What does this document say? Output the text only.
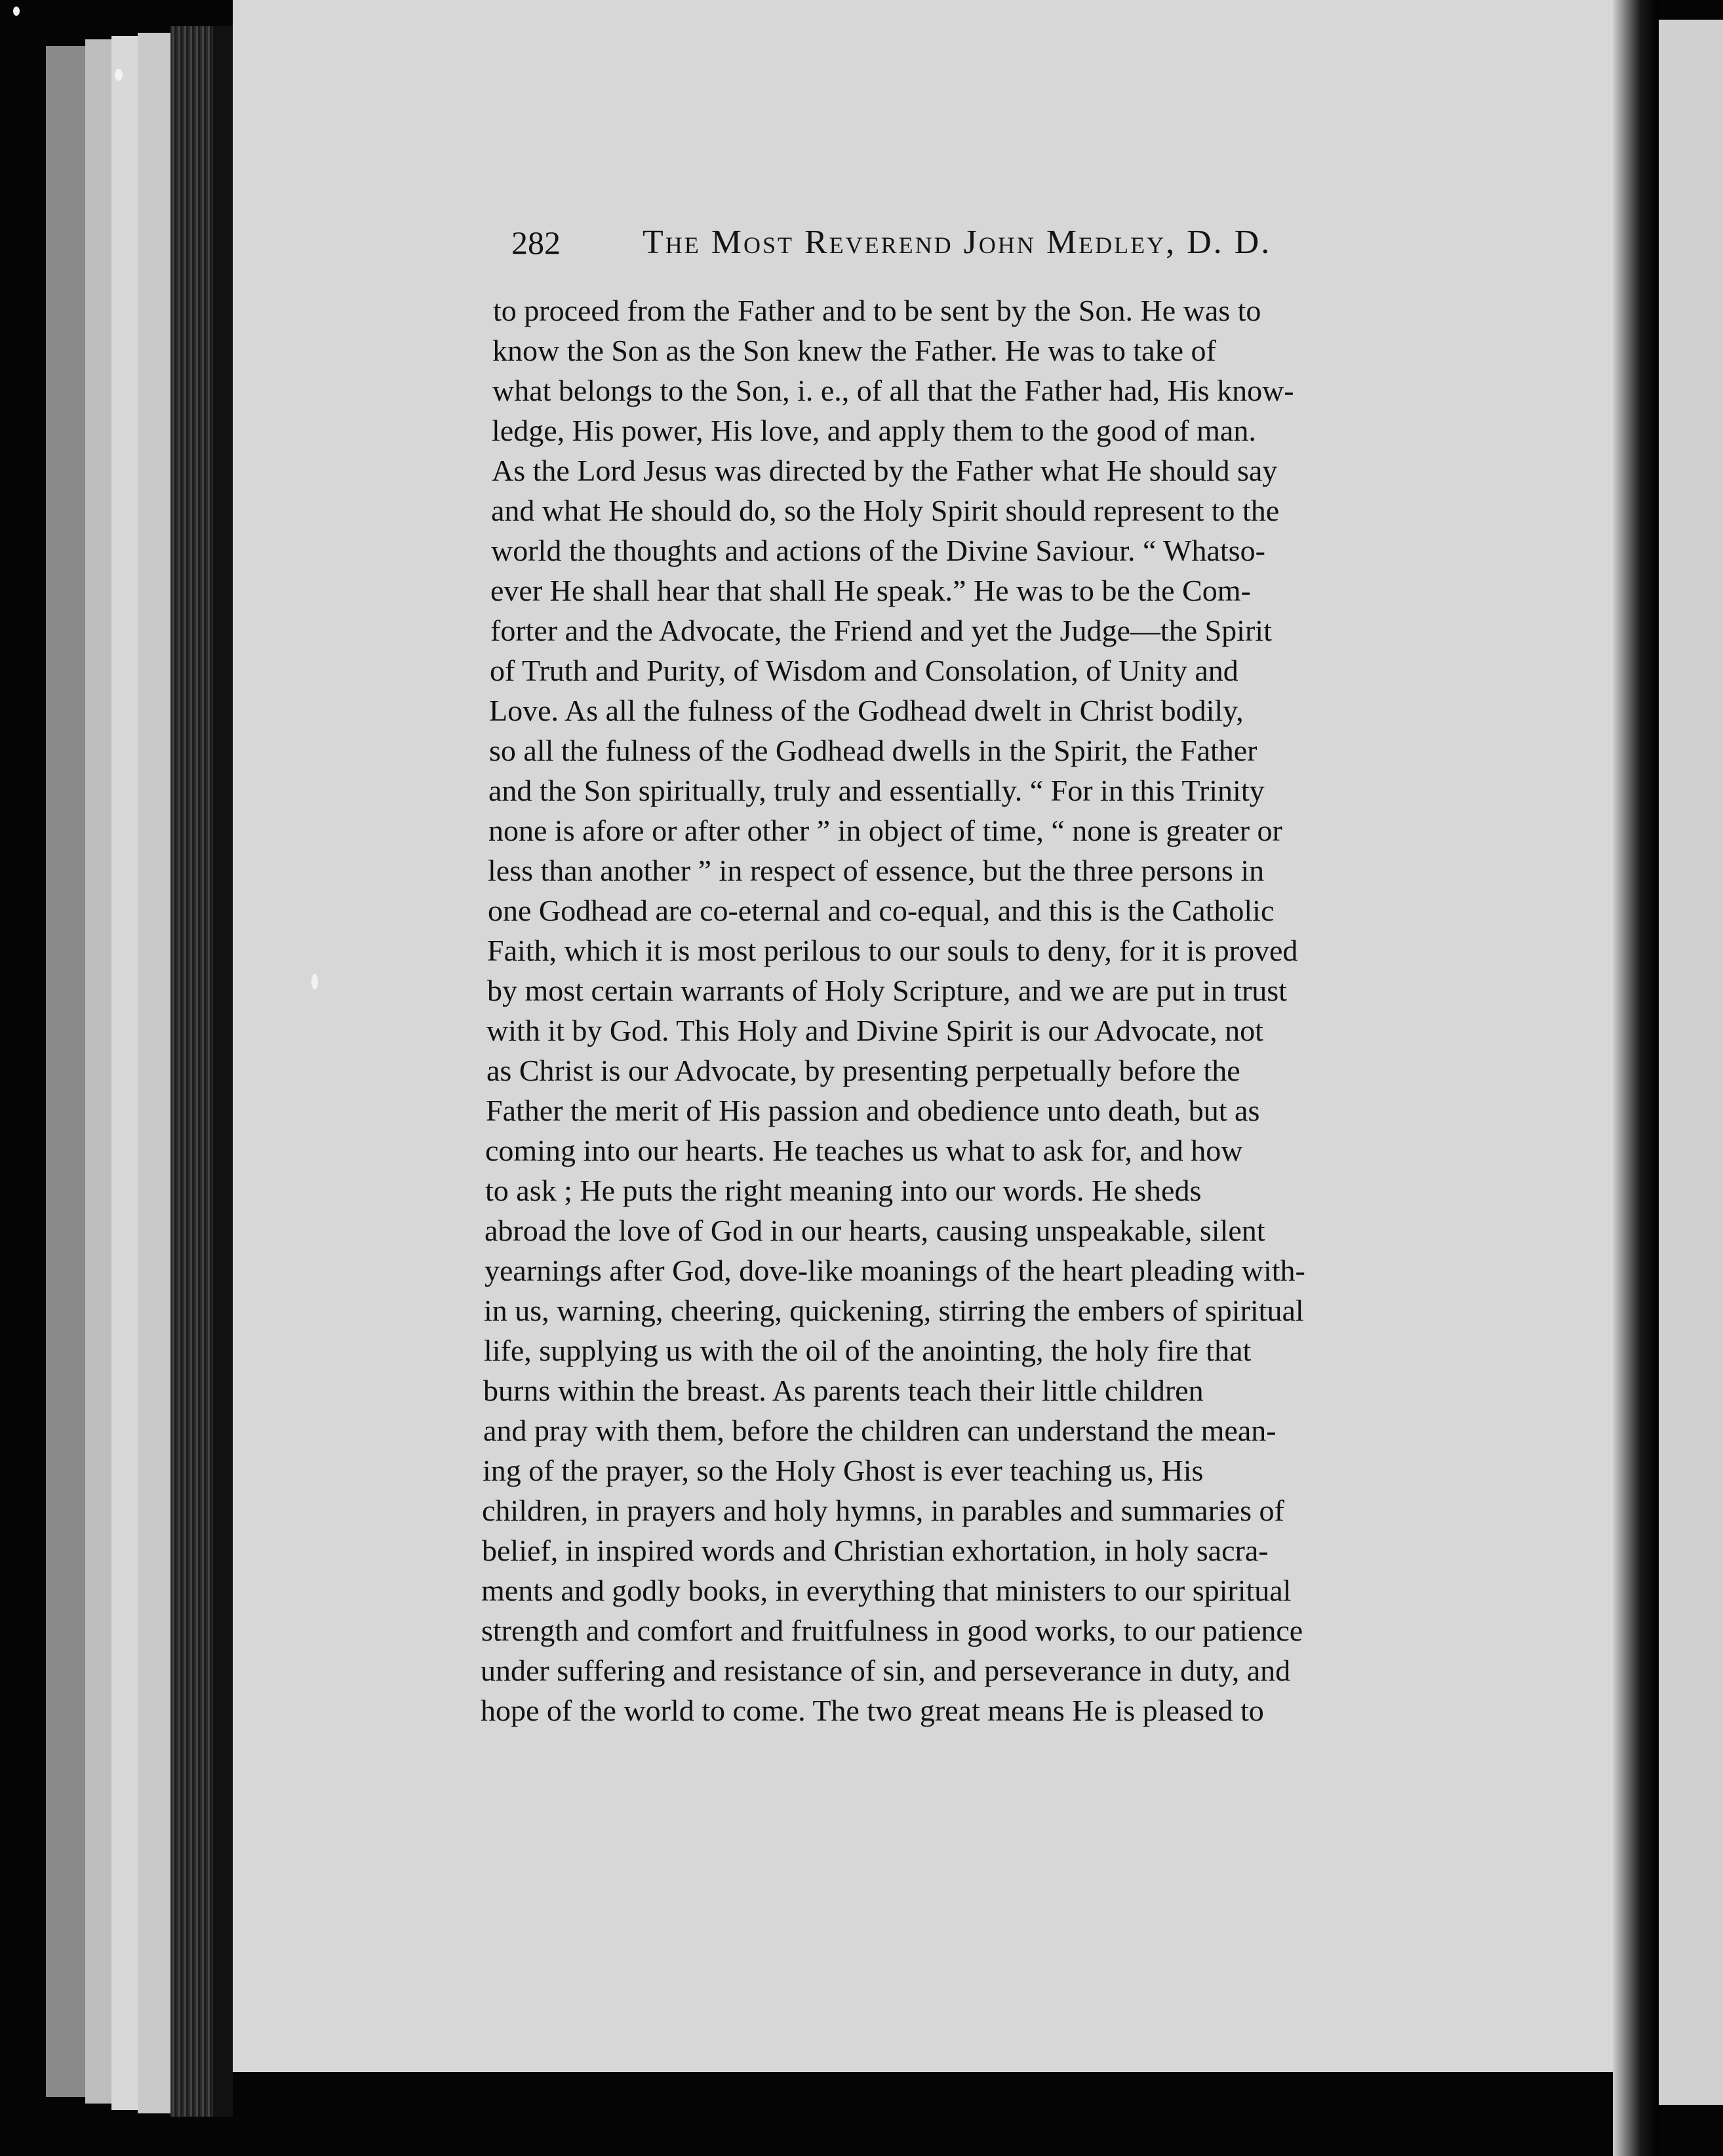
282 The Most Reverend John Medley, D. D.
to proceed from the Father and to be sent by the Son. He was to
know the Son as the Son knew the Father. He was to take of
what belongs to the Son, i. e., of all that the Father had, His know-
ledge, His power, His love, and apply them to the good of man.
As the Lord Jesus was directed by the Father what He should say
and what He should do, so the Holy Spirit should represent to the
world the thoughts and actions of the Divine Saviour. “ Whatso-
ever He shall hear that shall He speak.” He was to be the Com-
forter and the Advocate, the Friend and yet the Judge—the Spirit
of Truth and Purity, of Wisdom and Consolation, of Unity and
Love. As all the fulness of the Godhead dwelt in Christ bodily,
so all the fulness of the Godhead dwells in the Spirit, the Father
and the Son spiritually, truly and essentially. “ For in this Trinity
none is afore or after other ” in object of time, “ none is greater or
less than another ” in respect of essence, but the three persons in
one Godhead are co-eternal and co-equal, and this is the Catholic
Faith, which it is most perilous to our souls to deny, for it is proved
by most certain warrants of Holy Scripture, and we are put in trust
with it by God. This Holy and Divine Spirit is our Advocate, not
as Christ is our Advocate, by presenting perpetually before the
Father the merit of His passion and obedience unto death, but as
coming into our hearts. He teaches us what to ask for, and how
to ask ; He puts the right meaning into our words. He sheds
abroad the love of God in our hearts, causing unspeakable, silent
yearnings after God, dove-like moanings of the heart pleading with-
in us, warning, cheering, quickening, stirring the embers of spiritual
life, supplying us with the oil of the anointing, the holy fire that
burns within the breast. As parents teach their little children
and pray with them, before the children can understand the mean-
ing of the prayer, so the Holy Ghost is ever teaching us, His
children, in prayers and holy hymns, in parables and summaries of
belief, in inspired words and Christian exhortation, in holy sacra-
ments and godly books, in everything that ministers to our spiritual
strength and comfort and fruitfulness in good works, to our patience
under suffering and resistance of sin, and perseverance in duty, and
hope of the world to come. The two great means He is pleased to
